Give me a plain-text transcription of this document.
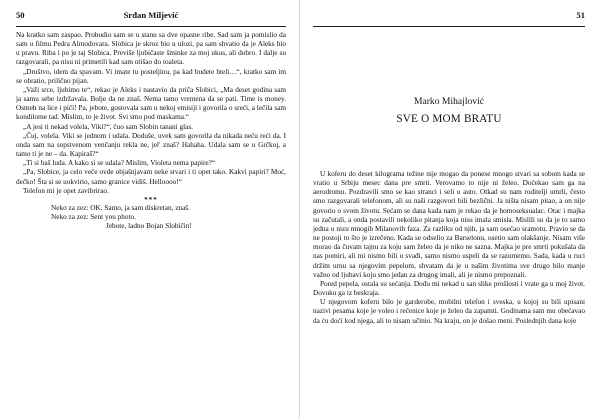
50	Srđan Miljević

Na kratko sam zaspao. Probudio sam se u stanu sa dve opasne ribe. Sad sam ja pomislio da sam u filmu Pedra Almodovara. Slobica je skroz bio u ulozi, pa sam shvatio da je Aleks bio u pravu. Riba i po je taj Slobica. Previše ljubičaste šminke za moj ukus, ali dobro. I dalje su razgovarali, pa nisu ni primetili kad sam otišao do toaleta.

„Društvo, idem da spavam. Vi imate tu posteljinu, pa kad budete hteli…“, kratko sam im se obratio, prilično pijan.

„Važi srce, ljubimo te“, rekao je Aleks i nastavio da priča Slobici, „Ma deset godina sam ja samu sebe izdržavala. Bolje da ne znaš. Nema tamo vremena da se pati. Time is money. Osmeh na lice i piči! Pa, jebote, gostovala sam u nekoj emisiji i govorila o sreći, a lečila sam kondilome tad. Mislim, to je život. Svi smo pod maskama.“

„A jesi ti nekad volela, Viki?“, čuo sam Slobin tanani glas.

„Čuj, volela. Viki se jednom i udala. Doduše, uvek sam govorila da nikada neću reći da. I onda sam na sopstvenom venčanju rekla ne, jel' znaš? Hahaha. Udala sam se u Grčkoj, a tamo ti je ne – da. Kapiraš?“

„Ti si baš luda. A kako si se udala? Mislim, Violeta nema papire?“

„Pa, Slobice, ja celo veče ovde objašnjavam neke stvari i ti opet tako. Kakvi papiri? Moć, dečko! Šta si se uokvirio, samo granice vidiš. Helloooo!“

Telefon mi je opet zavibrirao.

***

Neko za zez: OK. Samo, ja sam diskretan, znaš.

Neko za zez: Sent you photo.

Jebote, ladno Bojan Slobičin!

51
Marko Mihajlović
SVE O MOM BRATU

U koferu do deset kilograma težine nije mogao da ponese mnogo stvari sa sobom kada se vratio u Srbiju mesec dana pre smrti. Verovatno to nije ni želeo. Dočekao sam ga na aerodromu. Pozdravili smo se kao stranci i seli u auto. Otkad su nam roditelji umrli, često smo razgovarali telefonom, ali su naši razgovori bili bezlični. Ja ništa nisam pitao, a on nije govorio o svom životu. Sećam se dana kada nam je rekao da je homoseksualac. Otac i majka su začutali, a onda postavili nekoliko pitanja koja nisu imala smisla. Mislili su da je to samo jedna u nizu mnogih Milanovih faza. Za razliku od njih, ja sam osećao sramotu. Pravio se da ne postoji to što je izrečeno. Kada se odselio za Barselonu, osetio sam olakšanje. Nisam više morao da čuvam tajnu za koju sam želeo da je niko ne sazna. Majka je pre smrti pokušala da nas pomiri, ali mi nismo bili u svađi, samo nismo uspeli da se razumemo. Sada, kada u ruci držim urnu sa njegovim pepelom, shvatam da je u našim životima sve drugo bilo manje važno od ljubavi koju smo jedan za drugog imali, ali je nismo prepoznali.

Pored pepela, ostala su sećanja. Dođu mi nekad u san slike prošlosti i vrate ga u moj život. Dovuku ga iz beskraja.

U njegovom koferu bilo je garderobe, mobilni telefon i sveska, u kojoj su bili upisani nazivi pesama koje je voleo i rečenice koje je želeo da zapamti. Godinama sam mu obećavao da ću doći kod njega, ali to nisam učinio. Na kraju, on je došao meni. Poslednjih dana koje
